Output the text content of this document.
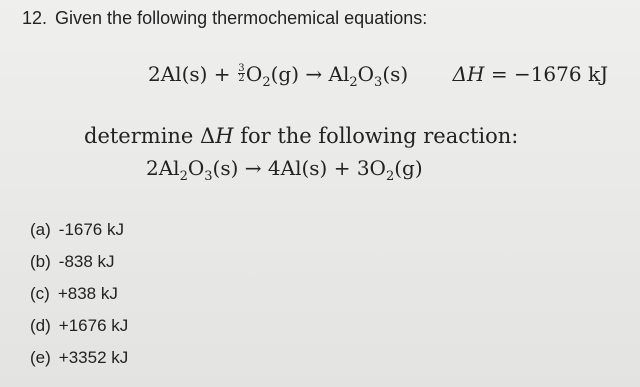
12. Given the following thermochemical equations:
$2Al(s) + \frac{3}{2} O_2(g) \to Al_2O_3(s) \Delta H = -1676$ kJ
determine ΔH for the following reaction:
$2Al_2O_3(s) \to 4Al(s) + 3O_2(g)$
(a) -1676 kJ
(b) -838 kJ
(c) +838 kJ
(d) +1676 kJ
(e) +3352 kJ
